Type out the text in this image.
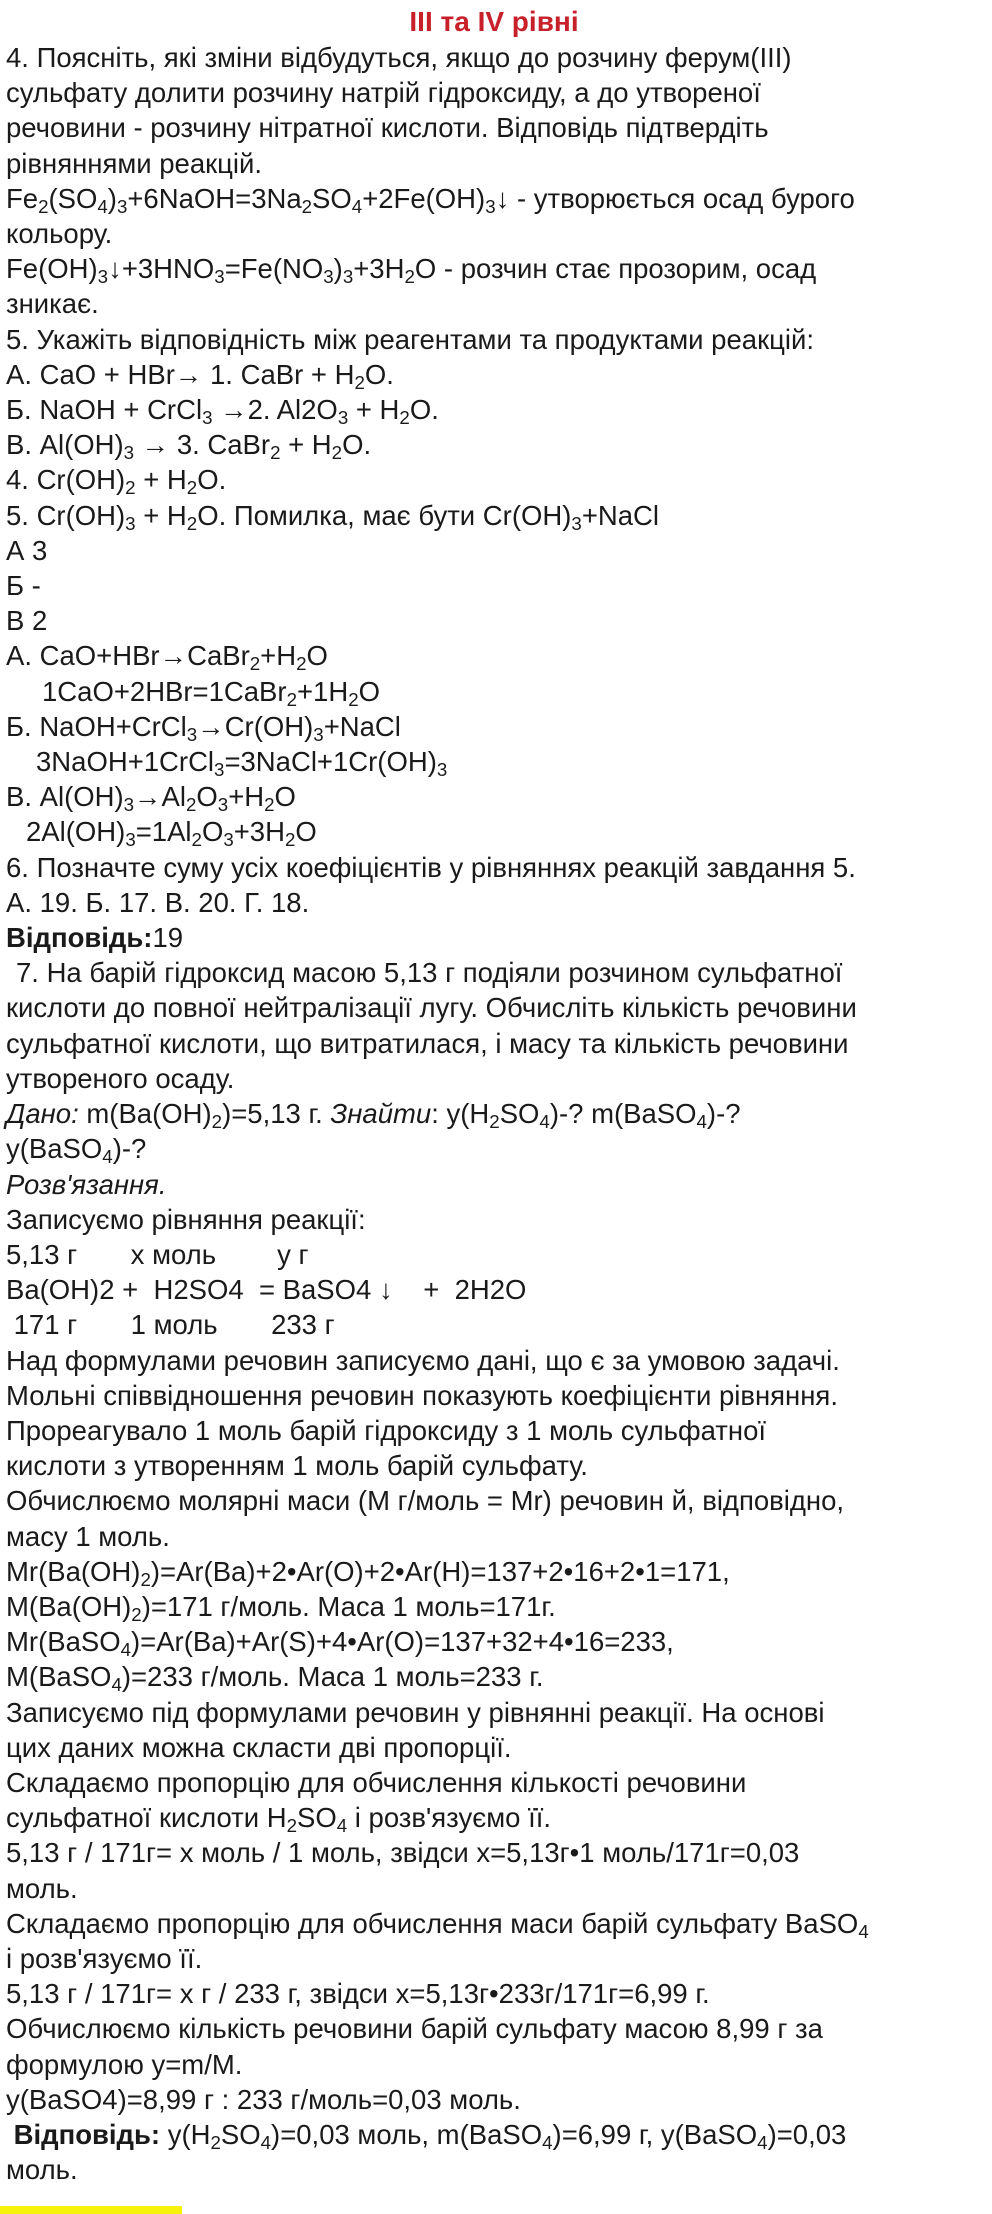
III та IV рівні

4. Поясніть, які зміни відбудуться, якщо до розчину ферум(III)

сульфату долити розчину натрій гідроксиду, а до утвореної

речовини - розчину нітратної кислоти. Відповідь підтвердіть

рівняннями реакцій.

$Fe_2(SO_4)_3+6NaOH=3Na_2SO_4+2Fe(OH)_3↓$ - утворюється осад бурого

кольору.

$Fe(OH)_3↓+3HNO_3=Fe(NO_3)_3+3H_2O$ - розчин стає прозорим, осад

зникає.

5. Укажіть відповідність між реагентами та продуктами реакцій:

А. CaO + HBr→ 1. CaBr + $H_2O$.

Б. NaOH + CrCl$_3$ →2. $Al2O_3 + H_2O$.

В. $Al(OH)_3 \to 3$. CaBr$_2$ + $H_2O$.

4. $Cr(OH)_2 + H_2O$.

5. $Cr(OH)_3 + H_2O$. Помилка, має бути $Cr(OH)_3+NaCl$

А 3

Б -

В 2

А. $CaO+HBr\to CaBr_2+H_2O$

$1CaO+2HBr=1CaBr_2+1H_2O$

Б. $NaOH+CrCl_3\to Cr(OH)_3+NaCl$

$3NaOH+1CrCl_3=3NaCl+1Cr(OH)_3$

В. $Al(OH)_3\to Al_2O_3+H_2O$

$2Al(OH)_3=1Al_2O_3+3H_2O$

6. Позначте суму усіх коефіцієнтів у рівняннях реакцій завдання 5.

А. 19. Б. 17. В. 20. Г. 18.

Відповідь:19

7. На барій гідроксид масою 5,13 г подіяли розчином сульфатної

кислоти до повної нейтралізації лугу. Обчисліть кількість речовини

сульфатної кислоти, що витратилася, і масу та кількість речовини

утвореного осаду.

Дано: $m(Ba(OH)_2)=5,13$ г. Знайти: $y(H_2SO_4)-$? m(BaSO$_4$)-?

y(BaSO$_4$)-?

Розв'язання.

Записуємо рівняння реакції:

5,13 г       х моль        у г

Ba(OH)2 +  H2SO4  = BaSO4 ↓    +  2H2O

171 г       1 моль       233 г

Над формулами речовин записуємо дані, що є за умовою задачі.

Мольні співвідношення речовин показують коефіцієнти рівняння.

Прореагувало 1 моль барій гідроксиду з 1 моль сульфатної

кислоти з утворенням 1 моль барій сульфату.

Обчислюємо молярні маси (M г/моль = Mr) речовин й, відповідно,

масу 1 моль.

$Mr(Ba(OH)_2)=Ar(Ba)+2•Ar(O)+2•Ar(H)=137+2•16+2•1=171$,

$M(Ba(OH)_2)=171$ г/моль. Маса 1 моль=171г.

Mr(BaSO$_4$)=Ar(Ba)+Ar(S)+4•Ar(O)=137+32+4•16=233,

M(BaSO$_4$)=233 г/моль. Маса 1 моль=233 г.

Записуємо під формулами речовин у рівнянні реакції. На основі

цих даних можна скласти дві пропорції.

Складаємо пропорцію для обчислення кількості речовини

сульфатної кислоти $H_2SO_4$ і розв'язуємо її.

5,13 г / 171г= х моль / 1 моль, звідси х=5,13г•1 моль/171г=0,03

моль.

Складаємо пропорцію для обчислення маси барій сульфату BaSO$_4$

і розв'язуємо її.

5,13 г / 171г= х г / 233 г, звідси х=5,13г•233г/171г=6,99 г.

Обчислюємо кількість речовини барій сульфату масою 8,99 г за

формулою y=m/M.

y(BaSO4)=8,99 г : 233 г/моль=0,03 моль.

Відповідь: $y(H_2SO_4)=0,03$ моль, m(BaSO$_4$)=6,99 г, y(BaSO$_4$)=0,03

моль.
